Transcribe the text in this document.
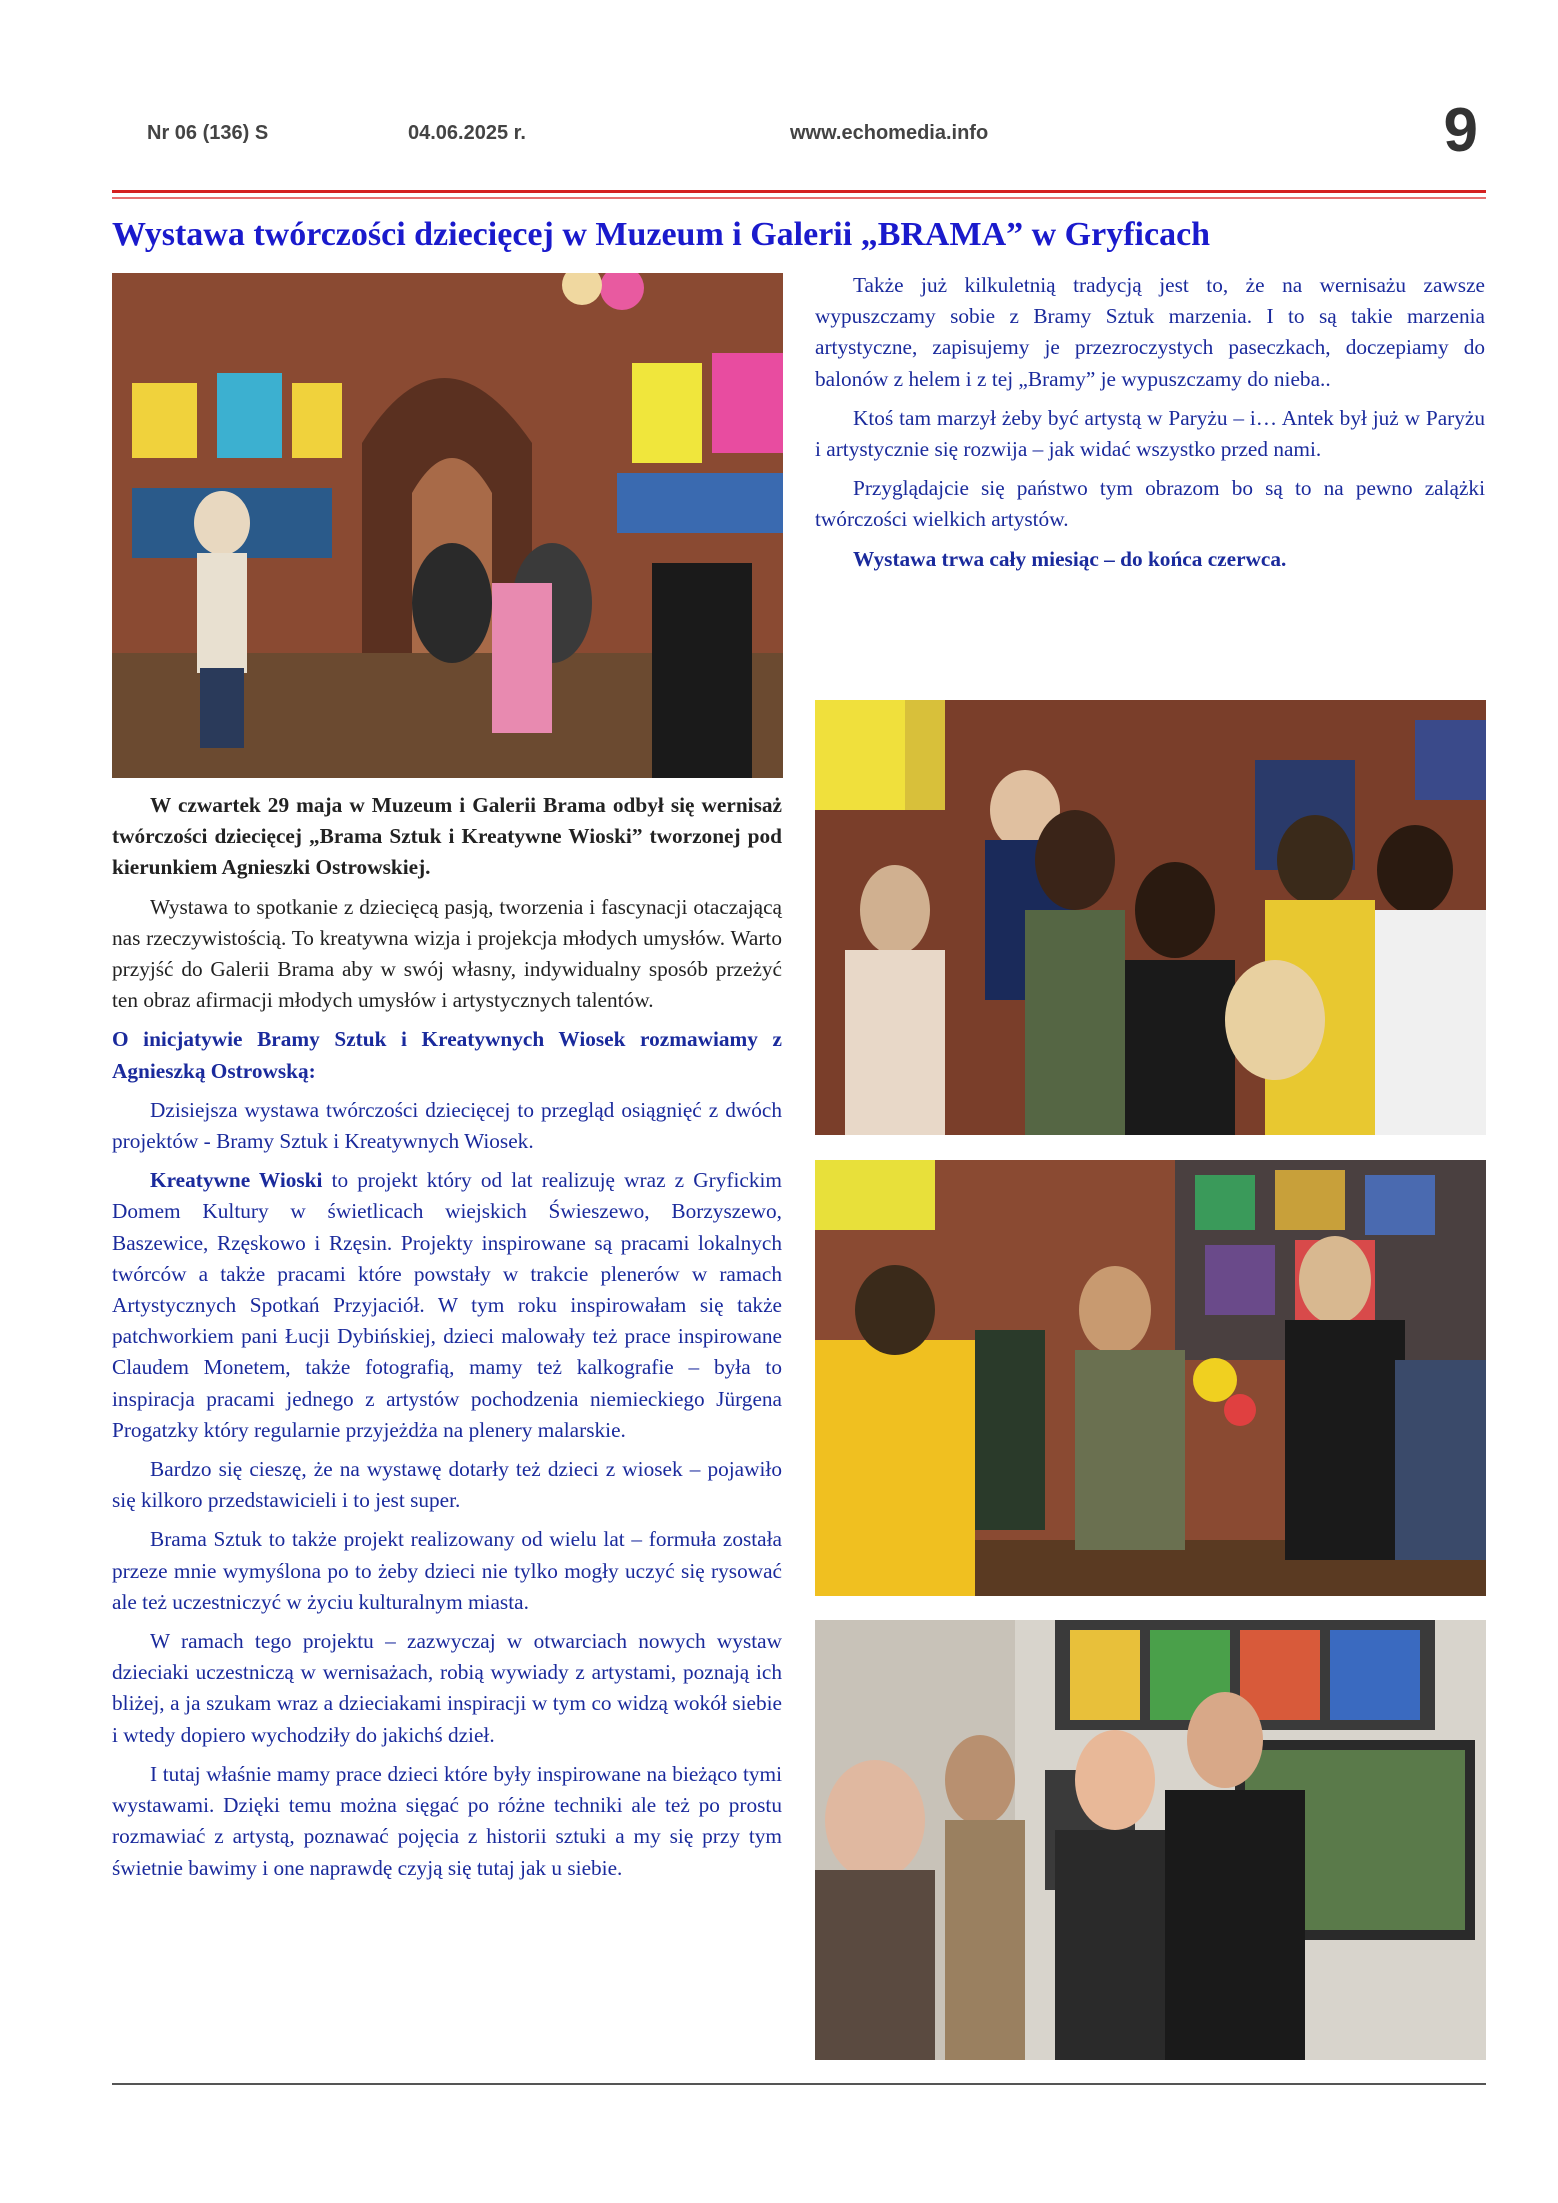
Nr 06 (136) S	04.06.2025 r.	www.echomedia.info	9
Wystawa twórczości dziecięcej w Muzeum i Galerii „BRAMA” w Gryficach

W czwartek 29 maja w Muzeum i Galerii Brama odbył się wernisaż twórczości dziecięcej „Brama Sztuk i Kreatywne Wioski” tworzonej pod kierunkiem Agnieszki Ostrowskiej.

Wystawa to spotkanie z dziecięcą pasją, tworzenia i fascynacji otaczającą nas rzeczywistością. To kreatywna wizja i projekcja młodych umysłów. Warto przyjść do Galerii Brama aby w swój własny, indywidualny sposób przeżyć ten obraz afirmacji młodych umysłów i artystycznych talentów.

O inicjatywie Bramy Sztuk i Kreatywnych Wiosek rozmawiamy z Agnieszką Ostrowską:

Dzisiejsza wystawa twórczości dziecięcej to przegląd osiągnięć z dwóch projektów - Bramy Sztuk i Kreatywnych Wiosek.

Kreatywne Wioski to projekt który od lat realizuję wraz z Gryfickim Domem Kultury w świetlicach wiejskich Świeszewo, Borzyszewo, Baszewice, Rzęskowo i Rzęsin. Projekty inspirowane są pracami lokalnych twórców a także pracami które powstały w trakcie plenerów w ramach Artystycznych Spotkań Przyjaciół. W tym roku inspirowałam się także patchworkiem pani Łucji Dybińskiej, dzieci malowały też prace inspirowane Claudem Monetem, także fotografią, mamy też kalkografie – była to inspiracja pracami jednego z artystów pochodzenia niemieckiego Jürgena Progatzky który regularnie przyjeżdża na plenery malarskie.

Bardzo się cieszę, że na wystawę dotarły też dzieci z wiosek – pojawiło się kilkoro przedstawicieli i to jest super.

Brama Sztuk to także projekt realizowany od wielu lat – formuła została przeze mnie wymyślona po to żeby dzieci nie tylko mogły uczyć się rysować ale też uczestniczyć w życiu kulturalnym miasta.

W ramach tego projektu – zazwyczaj w otwarciach nowych wystaw dzieciaki uczestniczą w wernisażach, robią wywiady z artystami, poznają ich bliżej, a ja szukam wraz a dzieciakami inspiracji w tym co widzą wokół siebie i wtedy dopiero wychodziły do jakichś dzieł.

I tutaj właśnie mamy prace dzieci które były inspirowane na bieżąco tymi wystawami. Dzięki temu można sięgać po różne techniki ale też po prostu rozmawiać z artystą, poznawać pojęcia z historii sztuki a my się przy tym świetnie bawimy i one naprawdę czyją się tutaj jak u siebie.

Także już kilkuletnią tradycją jest to, że na wernisażu zawsze wypuszczamy sobie z Bramy Sztuk marzenia. I to są takie marzenia artystyczne, zapisujemy je przezroczystych paseczkach, doczepiamy do balonów z helem i z tej „Bramy” je wypuszczamy do nieba..

Ktoś tam marzył żeby być artystą w Paryżu – i… Antek był już w Paryżu i artystycznie się rozwija – jak widać wszystko przed nami.

Przyglądajcie się państwo tym obrazom bo są to na pewno zalążki twórczości wielkich artystów.

Wystawa trwa cały miesiąc – do końca czerwca.
